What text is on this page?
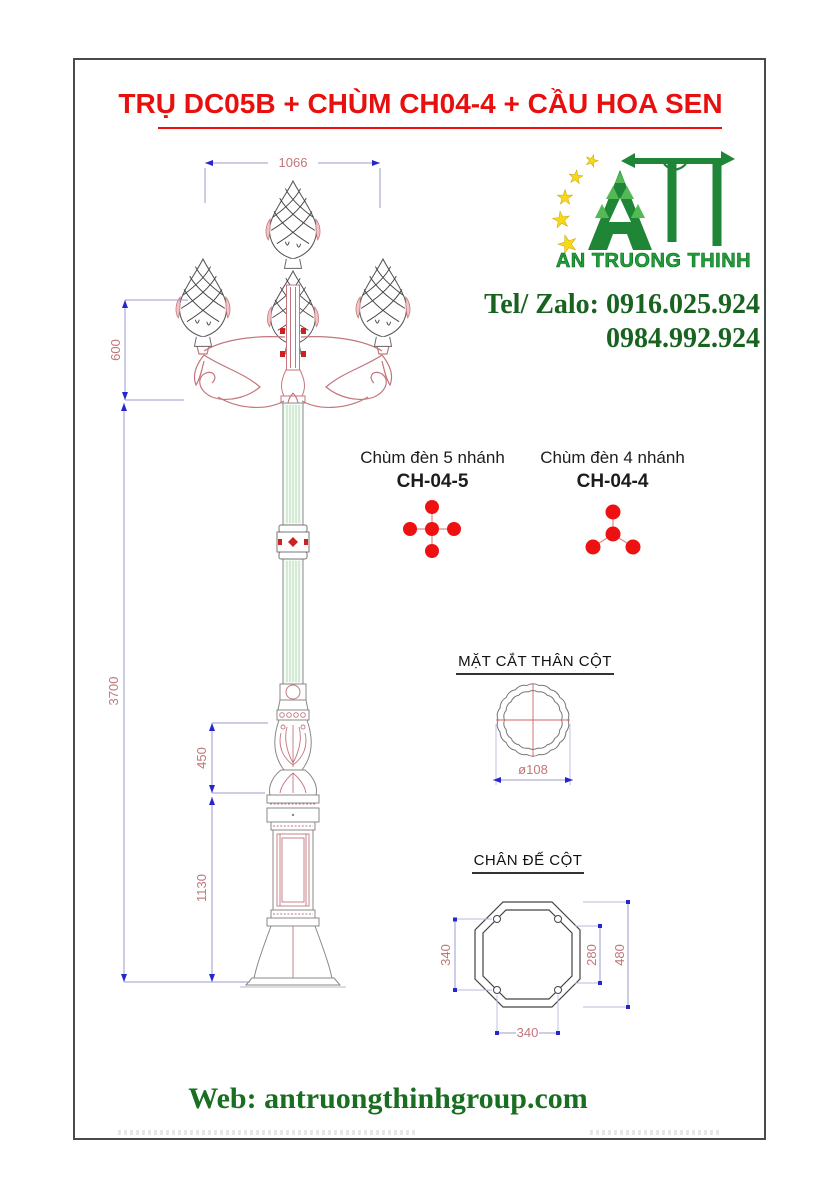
TRỤ DC05B + CHÙM CH04-4 + CẦU HOA SEN
★
★
★
★
★
AN TRUONG THINH
Tel/ Zalo: 0916.025.924
0984.992.924
1066
600
3700
450
1130
Chùm đèn 5 nhánh
CH-04-5
Chùm đèn 4 nhánh
CH-04-4
MẶT CẮT THÂN CỘT
ø108
CHÂN ĐẾ CỘT
340	280 480
340
Web: antruongthinhgroup.com
